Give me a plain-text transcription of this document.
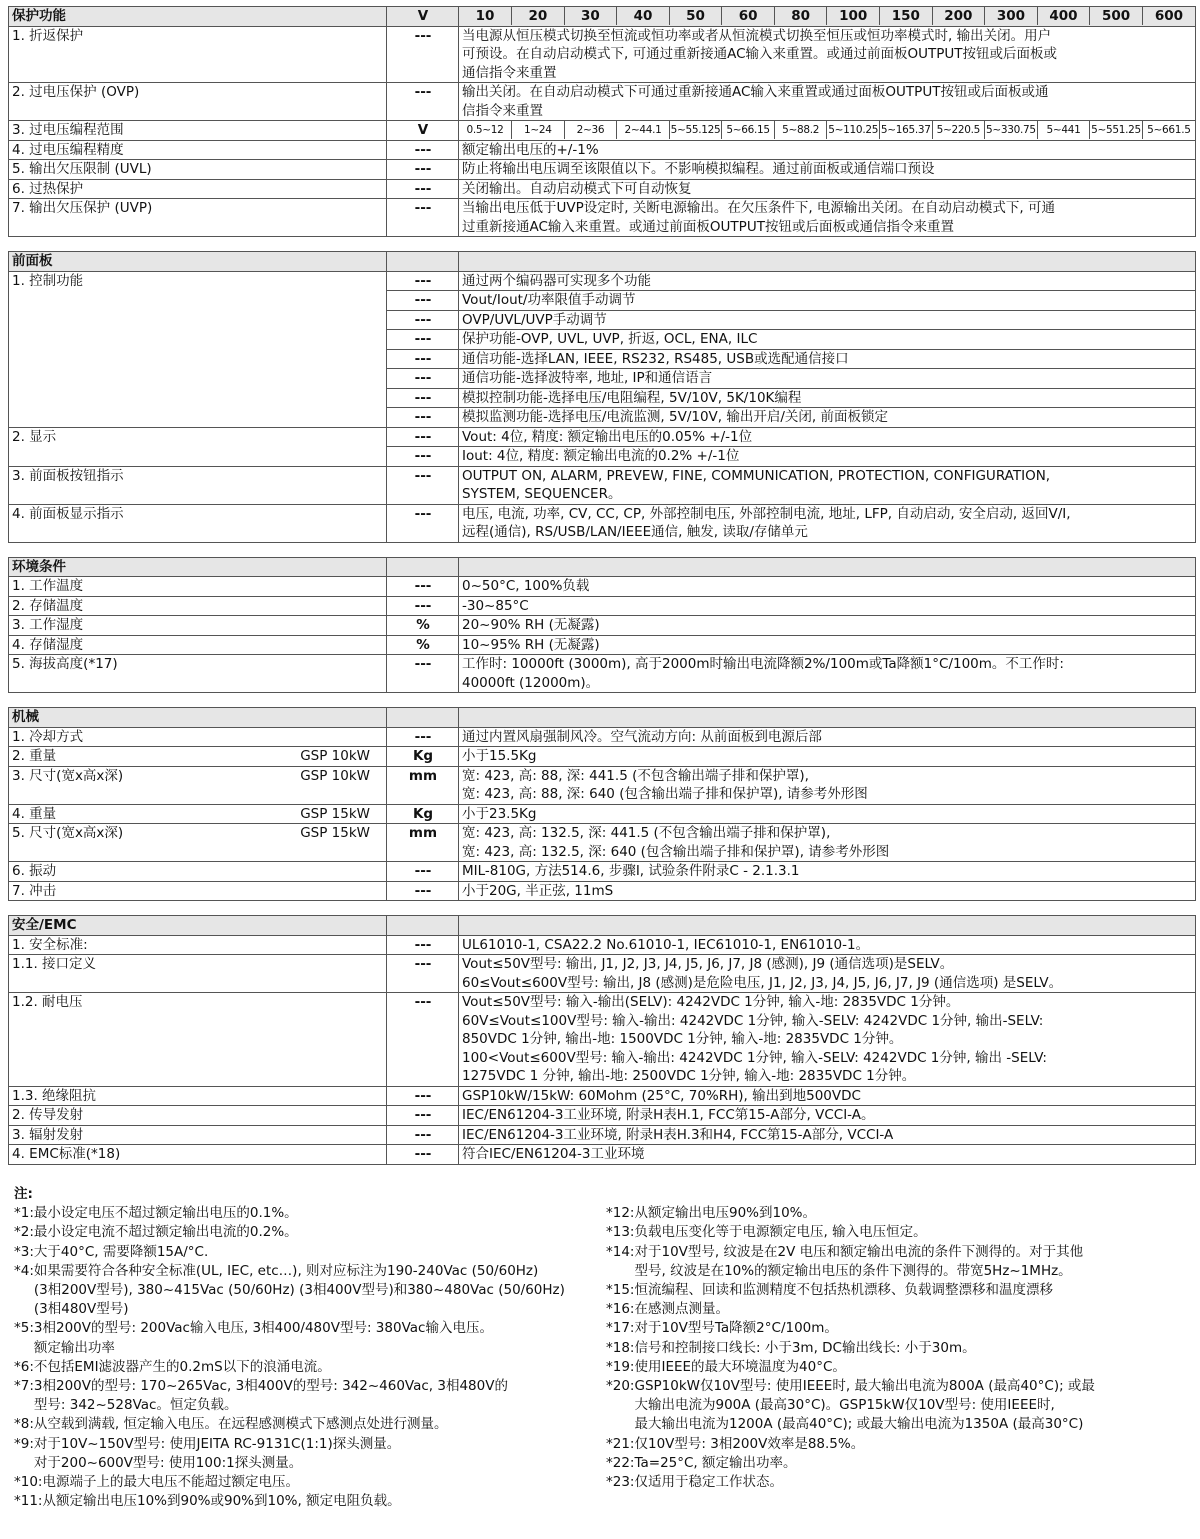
保护功能	V		10	20	30	40	50	60	80	100	150	200	300	400	500	600

1. 折返保护	---	当电源从恒压模式切换至恒流或恒功率或者从恒流模式切换至恒压或恒功率模式时, 输出关闭。用户
可预设。在自动启动模式下, 可通过重新接通AC输入来重置。或通过前面板OUTPUT按钮或后面板或
通信指令来重置

2. 过电压保护 (OVP)	---	输出关闭。在自动启动模式下可通过重新接通AC输入来重置或通过面板OUTPUT按钮或后面板或通
信指令来重置

3. 过电压编程范围	V		0.5~12	1~24	2~36	2~44.1	5~55.125	5~66.15	5~88.2	5~110.25	5~165.37	5~220.5	5~330.75	5~441	5~551.25	5~661.5

4. 过电压编程精度	---	额定输出电压的+/-1%

5. 输出欠压限制 (UVL)	---	防止将输出电压调至该限值以下。不影响模拟编程。通过前面板或通信端口预设

6. 过热保护	---	关闭输出。自动启动模式下可自动恢复

7. 输出欠压保护 (UVP)	---	当输出电压低于UVP设定时, 关断电源输出。在欠压条件下, 电源输出关闭。在自动启动模式下, 可通
过重新接通AC输入来重置。或通过前面板OUTPUT按钮或后面板或通信指令来重置
前面板		
1. 控制功能	---	通过两个编码器可实现多个功能
	---	Vout/Iout/功率限值手动调节
	---	OVP/UVL/UVP手动调节
	---	保护功能-OVP, UVL, UVP, 折返, OCL, ENA, ILC
	---	通信功能-选择LAN, IEEE, RS232, RS485, USB或选配通信接口
	---	通信功能-选择波特率, 地址, IP和通信语言
	---	模拟控制功能-选择电压/电阻编程, 5V/10V, 5K/10K编程
	---	模拟监测功能-选择电压/电流监测, 5V/10V, 输出开启/关闭, 前面板锁定
2. 显示	---	Vout: 4位, 精度: 额定输出电压的0.05% +/-1位
	---	Iout: 4位, 精度: 额定输出电流的0.2% +/-1位
3. 前面板按钮指示	---	OUTPUT ON, ALARM, PREVEW, FINE, COMMUNICATION, PROTECTION, CONFIGURATION,
SYSTEM, SEQUENCER。

4. 前面板显示指示	---	电压, 电流, 功率, CV, CC, CP, 外部控制电压, 外部控制电流, 地址, LFP, 自动启动, 安全启动, 返回V/I,
远程(通信), RS/USB/LAN/IEEE通信, 触发, 读取/存储单元
环境条件		
1. 工作温度	---	0~50°C, 100%负载

2. 存储温度	---	-30~85°C

3. 工作湿度	%	20~90% RH (无凝露)

4. 存储湿度	%	10~95% RH (无凝露)

5. 海拔高度(*17)	---	工作时: 10000ft (3000m), 高于2000m时输出电流降额2%/100m或Ta降额1°C/100m。不工作时:
40000ft (12000m)。
机械			
1. 冷却方式		---	通过内置风扇强制风冷。空气流动方向: 从前面板到电源后部

2. 重量	GSP 10kW	Kg	小于15.5Kg

3. 尺寸(宽x高x深)	GSP 10kW	mm	宽: 423, 高: 88, 深: 441.5 (不包含输出端子排和保护罩),
宽: 423, 高: 88, 深: 640 (包含输出端子排和保护罩), 请参考外形图

4. 重量	GSP 15kW	Kg	小于23.5Kg

5. 尺寸(宽x高x深)	GSP 15kW	mm	宽: 423, 高: 132.5, 深: 441.5 (不包含输出端子排和保护罩),
宽: 423, 高: 132.5, 深: 640 (包含输出端子排和保护罩), 请参考外形图

6. 振动		---	MIL-810G, 方法514.6, 步骤I, 试验条件附录C - 2.1.3.1

7. 冲击		---	小于20G, 半正弦, 11mS
安全/EMC		
1. 安全标准:	---	UL61010-1, CSA22.2 No.61010-1, IEC61010-1, EN61010-1。

1.1. 接口定义	---	Vout≤50V型号: 输出, J1, J2, J3, J4, J5, J6, J7, J8 (感测), J9 (通信选项)是SELV。
60≤Vout≤600V型号: 输出, J8 (感测)是危险电压, J1, J2, J3, J4, J5, J6, J7, J9 (通信选项) 是SELV。

1.2. 耐电压	---	Vout≤50V型号: 输入-输出(SELV): 4242VDC 1分钟, 输入-地: 2835VDC 1分钟。
60V≤Vout≤100V型号: 输入-输出: 4242VDC 1分钟, 输入-SELV: 4242VDC 1分钟, 输出-SELV:
850VDC 1分钟, 输出-地: 1500VDC 1分钟, 输入-地: 2835VDC 1分钟。
100<Vout≤600V型号: 输入-输出: 4242VDC 1分钟, 输入-SELV: 4242VDC 1分钟, 输出 -SELV:
1275VDC 1 分钟, 输出-地: 2500VDC 1分钟, 输入-地: 2835VDC 1分钟。

1.3. 绝缘阻抗	---	GSP10kW/15kW: 60Mohm (25°C, 70%RH), 输出到地500VDC

2. 传导发射	---	IEC/EN61204-3工业环境, 附录H表H.1, FCC第15-A部分, VCCI-A。

3. 辐射发射	---	IEC/EN61204-3工业环境, 附录H表H.3和H4, FCC第15-A部分, VCCI-A

4. EMC标准(*18)	---	符合IEC/EN61204-3工业环境
注:
*1: 最小设定电压不超过额定输出电压的0.1%。
*2: 最小设定电流不超过额定输出电流的0.2%。
*3: 大于40°C, 需要降额15A/°C.
*4: 如果需要符合各种安全标准(UL, IEC, etc…), 则对应标注为190-240Vac (50/60Hz)
(3相200V型号), 380~415Vac (50/60Hz) (3相400V型号)和380~480Vac (50/60Hz)
(3相480V型号)
*5: 3相200V的型号: 200Vac输入电压, 3相400/480V型号: 380Vac输入电压。
额定输出功率
*6: 不包括EMI滤波器产生的0.2mS以下的浪涌电流。
*7: 3相200V的型号: 170~265Vac, 3相400V的型号: 342~460Vac, 3相480V的
型号: 342~528Vac。恒定负载。
*8: 从空载到满载, 恒定输入电压。在远程感测模式下感测点处进行测量。
*9: 对于10V~150V型号: 使用JEITA RC-9131C(1:1)探头测量。
对于200~600V型号: 使用100:1探头测量。
*10: 电源端子上的最大电压不能超过额定电压。
*11: 从额定输出电压10%到90%或90%到10%, 额定电阻负载。
*12: 从额定输出电压90%到10%。
*13: 负载电压变化等于电源额定电压, 输入电压恒定。
*14: 对于10V型号, 纹波是在2V 电压和额定输出电流的条件下测得的。对于其他
型号, 纹波是在10%的额定输出电压的条件下测得的。带宽5Hz~1MHz。
*15: 恒流编程、回读和监测精度不包括热机漂移、负载调整漂移和温度漂移
*16: 在感测点测量。
*17: 对于10V型号Ta降额2°C/100m。
*18: 信号和控制接口线长: 小于3m, DC输出线长: 小于30m。
*19: 使用IEEE的最大环境温度为40°C。
*20: GSP10kW仅10V型号: 使用IEEE时, 最大输出电流为800A (最高40°C); 或最
大输出电流为900A (最高30°C)。GSP15kW仅10V型号: 使用IEEE时,
最大输出电流为1200A (最高40°C); 或最大输出电流为1350A (最高30°C)
*21: 仅10V型号: 3相200V效率是88.5%。
*22: Ta=25°C, 额定输出功率。
*23: 仅适用于稳定工作状态。
